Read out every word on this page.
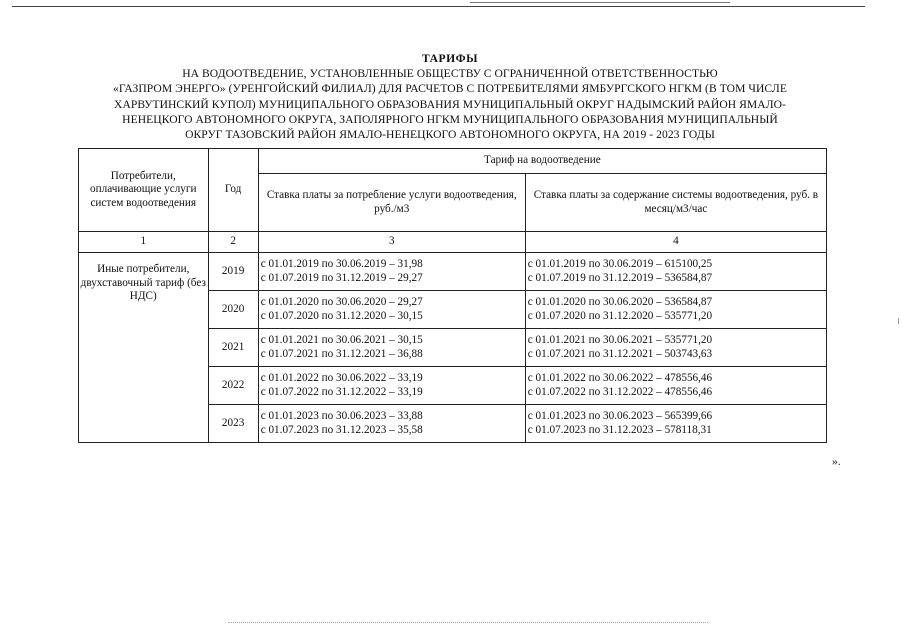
ТАРИФЫ
НА ВОДООТВЕДЕНИЕ, УСТАНОВЛЕННЫЕ ОБЩЕСТВУ С ОГРАНИЧЕННОЙ ОТВЕТСТВЕННОСТЬЮ
«ГАЗПРОМ ЭНЕРГО» (УРЕНГОЙСКИЙ ФИЛИАЛ) ДЛЯ РАСЧЕТОВ С ПОТРЕБИТЕЛЯМИ ЯМБУРГСКОГО НГКМ (В ТОМ ЧИСЛЕ
ХАРВУТИНСКИЙ КУПОЛ) МУНИЦИПАЛЬНОГО ОБРАЗОВАНИЯ МУНИЦИПАЛЬНЫЙ ОКРУГ НАДЫМСКИЙ РАЙОН ЯМАЛО-
НЕНЕЦКОГО АВТОНОМНОГО ОКРУГА, ЗАПОЛЯРНОГО НГКМ МУНИЦИПАЛЬНОГО ОБРАЗОВАНИЯ МУНИЦИПАЛЬНЫЙ
ОКРУГ ТАЗОВСКИЙ РАЙОН ЯМАЛО-НЕНЕЦКОГО АВТОНОМНОГО ОКРУГА, НА 2019 - 2023 ГОДЫ
Потребители, оплачивающие услуги систем водоотведения	Год	Тариф на водоотведение	
		Ставка платы за потребление услуги водоотведения, руб./м3	Ставка платы за содержание системы водоотведения, руб. в месяц/м3/час
1	2	3	4
Иные потребители, двухставочный тариф (без НДС)	2019	с 01.01.2019 по 30.06.2019 – 31,98
с 01.07.2019 по 31.12.2019 – 29,27	с 01.01.2019 по 30.06.2019 – 615100,25
с 01.07.2019 по 31.12.2019 – 536584,87

	2020	с 01.01.2020 по 30.06.2020 – 29,27
с 01.07.2020 по 31.12.2020 – 30,15	с 01.01.2020 по 30.06.2020 – 536584,87
с 01.07.2020 по 31.12.2020 – 535771,20

	2021	с 01.01.2021 по 30.06.2021 – 30,15
с 01.07.2021 по 31.12.2021 – 36,88	с 01.01.2021 по 30.06.2021 – 535771,20
с 01.07.2021 по 31.12.2021 – 503743,63

	2022	с 01.01.2022 по 30.06.2022 – 33,19
с 01.07.2022 по 31.12.2022 – 33,19	с 01.01.2022 по 30.06.2022 – 478556,46
с 01.07.2022 по 31.12.2022 – 478556,46

	2023	с 01.01.2023 по 30.06.2023 – 33,88
с 01.07.2023 по 31.12.2023 – 35,58	с 01.01.2023 по 30.06.2023 – 565399,66
с 01.07.2023 по 31.12.2023 – 578118,31
».
